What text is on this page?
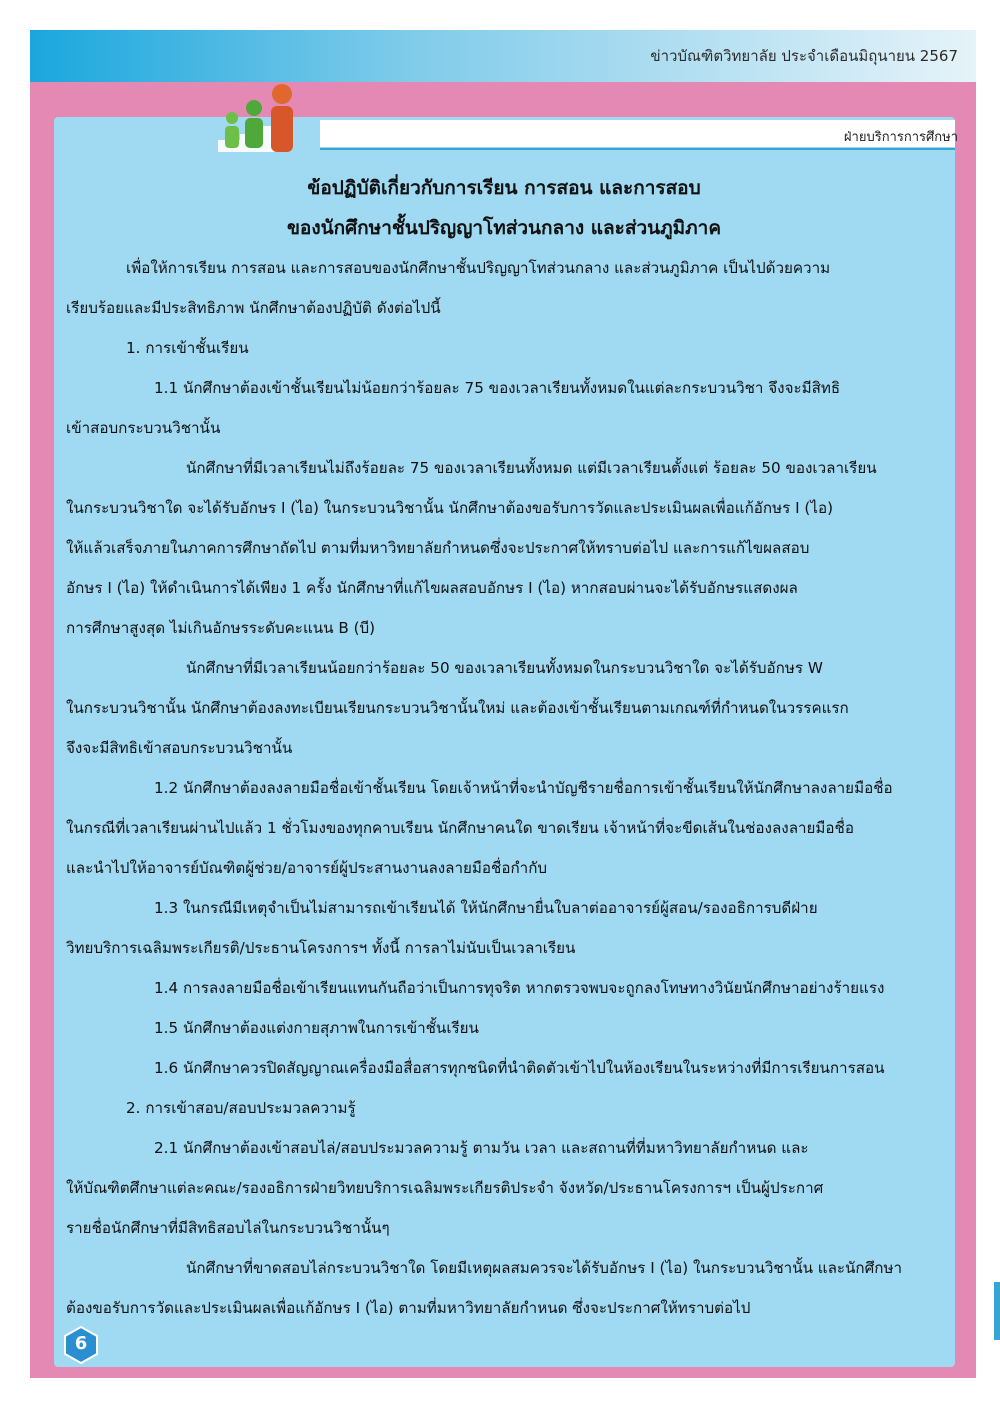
ข่าวบัณฑิตวิทยาลัย ประจำเดือนมิถุนายน 2567
ฝ่ายบริการการศึกษา

ข้อปฏิบัติเกี่ยวกับการเรียน การสอน และการสอบ

ของนักศึกษาชั้นปริญญาโทส่วนกลาง และส่วนภูมิภาค

เพื่อให้การเรียน การสอน และการสอบของนักศึกษาชั้นปริญญาโทส่วนกลาง และส่วนภูมิภาค เป็นไปด้วยความ
เรียบร้อยและมีประสิทธิภาพ นักศึกษาต้องปฏิบัติ ดังต่อไปนี้

1. การเข้าชั้นเรียน

1.1 นักศึกษาต้องเข้าชั้นเรียนไม่น้อยกว่าร้อยละ 75 ของเวลาเรียนทั้งหมดในแต่ละกระบวนวิชา จึงจะมีสิทธิ
เข้าสอบกระบวนวิชานั้น

นักศึกษาที่มีเวลาเรียนไม่ถึงร้อยละ 75 ของเวลาเรียนทั้งหมด แต่มีเวลาเรียนตั้งแต่ ร้อยละ 50 ของเวลาเรียน
ในกระบวนวิชาใด จะได้รับอักษร I (ไอ) ในกระบวนวิชานั้น นักศึกษาต้องขอรับการวัดและประเมินผลเพื่อแก้อักษร I (ไอ)
ให้แล้วเสร็จภายในภาคการศึกษาถัดไป ตามที่มหาวิทยาลัยกำหนดซึ่งจะประกาศให้ทราบต่อไป และการแก้ไขผลสอบ
อักษร I (ไอ) ให้ดำเนินการได้เพียง 1 ครั้ง นักศึกษาที่แก้ไขผลสอบอักษร I (ไอ) หากสอบผ่านจะได้รับอักษรแสดงผล
การศึกษาสูงสุด ไม่เกินอักษรระดับคะแนน B (บี)

นักศึกษาที่มีเวลาเรียนน้อยกว่าร้อยละ 50 ของเวลาเรียนทั้งหมดในกระบวนวิชาใด จะได้รับอักษร W
ในกระบวนวิชานั้น นักศึกษาต้องลงทะเบียนเรียนกระบวนวิชานั้นใหม่ และต้องเข้าชั้นเรียนตามเกณฑ์ที่กำหนดในวรรคแรก
จึงจะมีสิทธิเข้าสอบกระบวนวิชานั้น

1.2 นักศึกษาต้องลงลายมือชื่อเข้าชั้นเรียน โดยเจ้าหน้าที่จะนำบัญชีรายชื่อการเข้าชั้นเรียนให้นักศึกษาลงลายมือชื่อ
ในกรณีที่เวลาเรียนผ่านไปแล้ว 1 ชั่วโมงของทุกคาบเรียน นักศึกษาคนใด ขาดเรียน เจ้าหน้าที่จะขีดเส้นในช่องลงลายมือชื่อ
และนำไปให้อาจารย์บัณฑิตผู้ช่วย/อาจารย์ผู้ประสานงานลงลายมือชื่อกำกับ

1.3 ในกรณีมีเหตุจำเป็นไม่สามารถเข้าเรียนได้ ให้นักศึกษายื่นใบลาต่ออาจารย์ผู้สอน/รองอธิการบดีฝ่าย
วิทยบริการเฉลิมพระเกียรติ/ประธานโครงการฯ ทั้งนี้ การลาไม่นับเป็นเวลาเรียน

1.4 การลงลายมือชื่อเข้าเรียนแทนกันถือว่าเป็นการทุจริต หากตรวจพบจะถูกลงโทษทางวินัยนักศึกษาอย่างร้ายแรง

1.5 นักศึกษาต้องแต่งกายสุภาพในการเข้าชั้นเรียน

1.6 นักศึกษาควรปิดสัญญาณเครื่องมือสื่อสารทุกชนิดที่นำติดตัวเข้าไปในห้องเรียนในระหว่างที่มีการเรียนการสอน

2. การเข้าสอบ/สอบประมวลความรู้

2.1 นักศึกษาต้องเข้าสอบไล่/สอบประมวลความรู้ ตามวัน เวลา และสถานที่ที่มหาวิทยาลัยกำหนด และ
ให้บัณฑิตศึกษาแต่ละคณะ/รองอธิการฝ่ายวิทยบริการเฉลิมพระเกียรติประจำ จังหวัด/ประธานโครงการฯ เป็นผู้ประกาศ
รายชื่อนักศึกษาที่มีสิทธิสอบไล่ในกระบวนวิชานั้นๆ

นักศึกษาที่ขาดสอบไล่กระบวนวิชาใด โดยมีเหตุผลสมควรจะได้รับอักษร I (ไอ) ในกระบวนวิชานั้น และนักศึกษา
ต้องขอรับการวัดและประเมินผลเพื่อแก้อักษร I (ไอ) ตามที่มหาวิทยาลัยกำหนด ซึ่งจะประกาศให้ทราบต่อไป

6
